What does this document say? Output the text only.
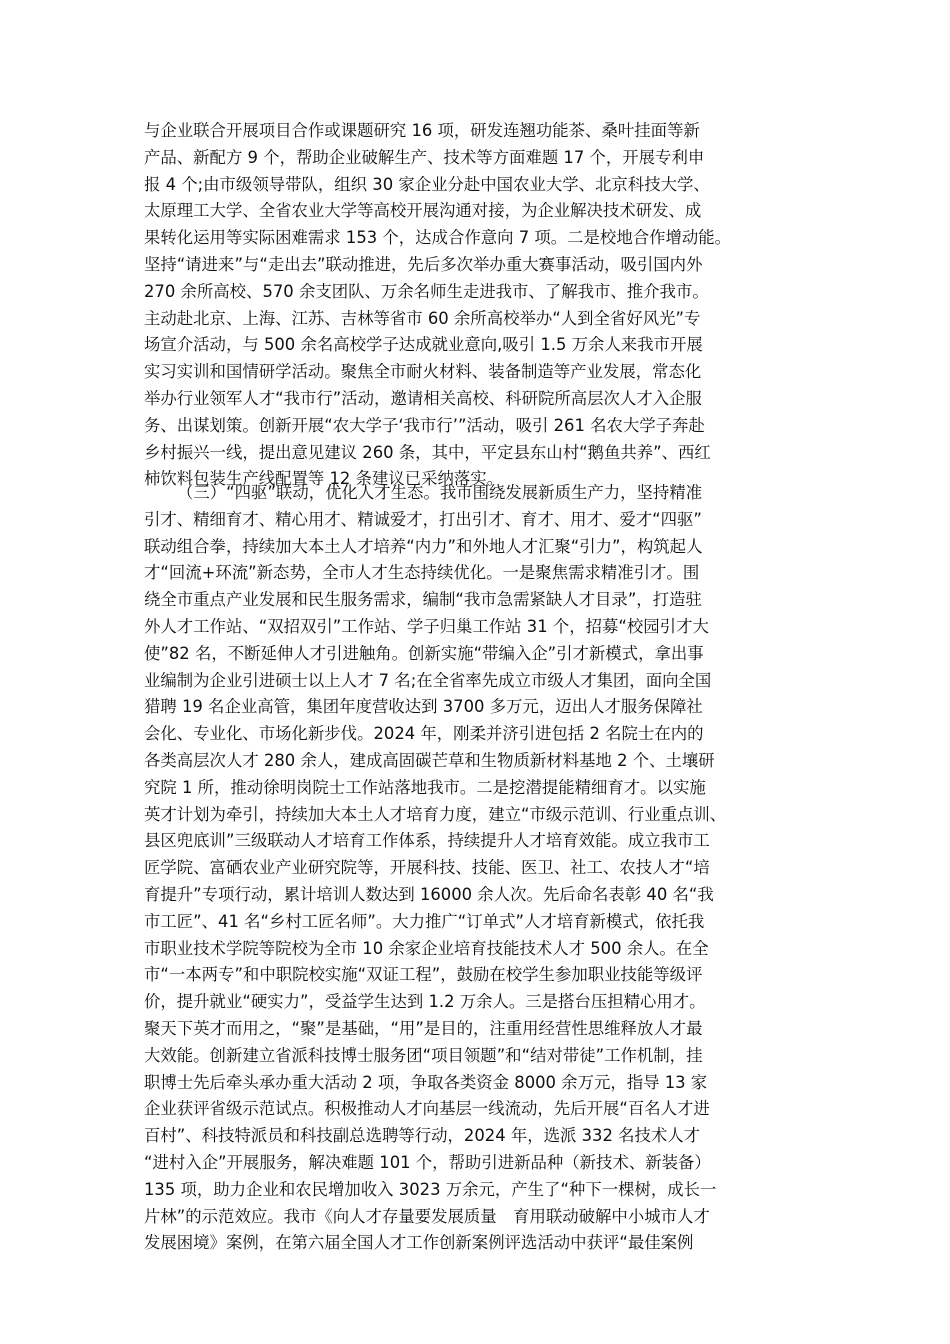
与企业联合开展项目合作或课题研究 16 项，研发连翘功能茶、桑叶挂面等新
产品、新配方 9 个，帮助企业破解生产、技术等方面难题 17 个，开展专利申
报 4 个;由市级领导带队，组织 30 家企业分赴中国农业大学、北京科技大学、
太原理工大学、全省农业大学等高校开展沟通对接，为企业解决技术研发、成
果转化运用等实际困难需求 153 个，达成合作意向 7 项。二是校地合作增动能。
坚持“请进来”与“走出去”联动推进，先后多次举办重大赛事活动，吸引国内外
270 余所高校、570 余支团队、万余名师生走进我市、了解我市、推介我市。
主动赴北京、上海、江苏、吉林等省市 60 余所高校举办“人到全省好风光”专
场宣介活动，与 500 余名高校学子达成就业意向,吸引 1.5 万余人来我市开展
实习实训和国情研学活动。聚焦全市耐火材料、装备制造等产业发展，常态化
举办行业领军人才“我市行”活动，邀请相关高校、科研院所高层次人才入企服
务、出谋划策。创新开展“农大学子‘我市行’”活动，吸引 261 名农大学子奔赴
乡村振兴一线，提出意见建议 260 条，其中，平定县东山村“鹅鱼共养”、西红
柿饮料包装生产线配置等 12 条建议已采纳落实。
（三）“四驱”联动，优化人才生态。我市围绕发展新质生产力，坚持精准
引才、精细育才、精心用才、精诚爱才，打出引才、育才、用才、爱才“四驱”
联动组合拳，持续加大本土人才培养“内力”和外地人才汇聚“引力”，构筑起人
才“回流+环流”新态势，全市人才生态持续优化。一是聚焦需求精准引才。围
绕全市重点产业发展和民生服务需求，编制“我市急需紧缺人才目录”，打造驻
外人才工作站、“双招双引”工作站、学子归巢工作站 31 个，招募“校园引才大
使”82 名，不断延伸人才引进触角。创新实施“带编入企”引才新模式，拿出事
业编制为企业引进硕士以上人才 7 名;在全省率先成立市级人才集团，面向全国
猎聘 19 名企业高管，集团年度营收达到 3700 多万元，迈出人才服务保障社
会化、专业化、市场化新步伐。2024 年，刚柔并济引进包括 2 名院士在内的
各类高层次人才 280 余人，建成高固碳芒草和生物质新材料基地 2 个、土壤研
究院 1 所，推动徐明岗院士工作站落地我市。二是挖潜提能精细育才。以实施
英才计划为牵引，持续加大本土人才培育力度，建立“市级示范训、行业重点训、
县区兜底训”三级联动人才培育工作体系，持续提升人才培育效能。成立我市工
匠学院、富硒农业产业研究院等，开展科技、技能、医卫、社工、农技人才“培
育提升”专项行动，累计培训人数达到 16000 余人次。先后命名表彰 40 名“我
市工匠”、41 名“乡村工匠名师”。大力推广“订单式”人才培育新模式，依托我
市职业技术学院等院校为全市 10 余家企业培育技能技术人才 500 余人。在全
市“一本两专”和中职院校实施“双证工程”，鼓励在校学生参加职业技能等级评
价，提升就业“硬实力”，受益学生达到 1.2 万余人。三是搭台压担精心用才。
聚天下英才而用之，“聚”是基础，“用”是目的，注重用经营性思维释放人才最
大效能。创新建立省派科技博士服务团“项目领题”和“结对带徒”工作机制，挂
职博士先后牵头承办重大活动 2 项，争取各类资金 8000 余万元，指导 13 家
企业获评省级示范试点。积极推动人才向基层一线流动，先后开展“百名人才进
百村”、科技特派员和科技副总选聘等行动，2024 年，选派 332 名技术人才
“进村入企”开展服务，解决难题 101 个，帮助引进新品种（新技术、新装备）
135 项，助力企业和农民增加收入 3023 万余元，产生了“种下一棵树，成长一
片林”的示范效应。我市《向人才存量要发展质量　育用联动破解中小城市人才
发展困境》案例，在第六届全国人才工作创新案例评选活动中获评“最佳案例
